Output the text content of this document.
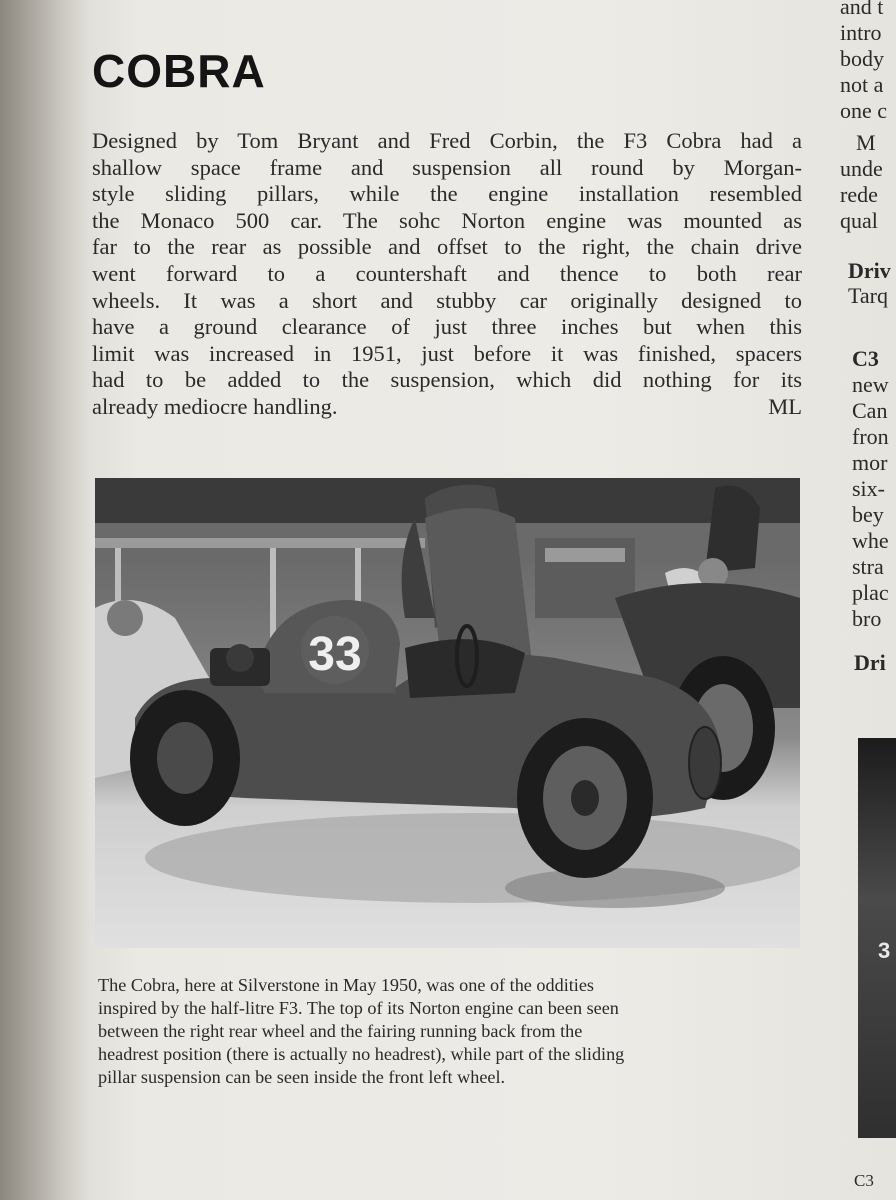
COBRA
Designed by Tom Bryant and Fred Corbin, the F3 Cobra had a
shallow space frame and suspension all round by Morgan-
style sliding pillars, while the engine installation resembled
the Monaco 500 car. The sohc Norton engine was mounted as
far to the rear as possible and offset to the right, the chain drive
went forward to a countershaft and thence to both rear
wheels. It was a short and stubby car originally designed to
have a ground clearance of just three inches but when this
limit was increased in 1951, just before it was finished, spacers
had to be added to the suspension, which did nothing for its
already mediocre handling.	ML
33
The Cobra, here at Silverstone in May 1950, was one of the oddities
inspired by the half-litre F3. The top of its Norton engine can been seen
between the right rear wheel and the fairing running back from the
headrest position (there is actually no headrest), while part of the sliding
pillar suspension can be seen inside the front left wheel.
and t
intro
body
not a
one c
M
unde
rede
qual
Driv
Tarq
C3
new
Can
fron
mor
six-
bey
whe
stra
plac
bro
Dri
C3
3
